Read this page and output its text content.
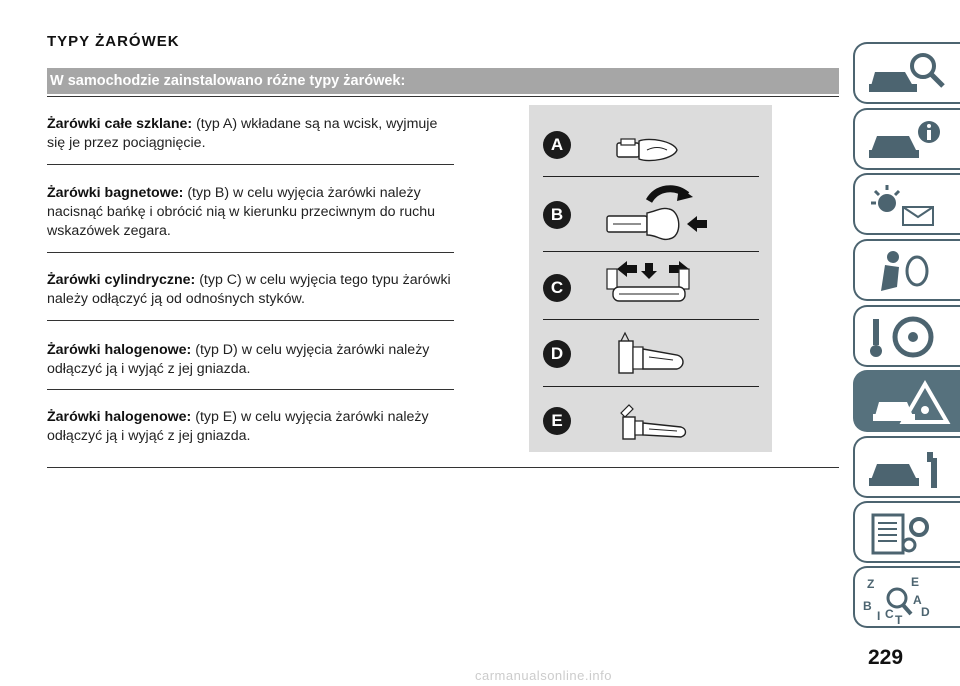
TYPY ŻARÓWEK
W samochodzie zainstalowano różne typy żarówek:
Żarówki całe szklane: (typ A) wkładane są na wcisk, wyjmuje
się je przez pociągnięcie.
Żarówki bagnetowe: (typ B) w celu wyjęcia żarówki należy
nacisnąć bańkę i obrócić nią w kierunku przeciwnym do ruchu
wskazówek zegara.
Żarówki cylindryczne: (typ C) w celu wyjęcia tego typu żarówki
należy odłączyć ją od odnośnych styków.
Żarówki halogenowe: (typ D) w celu wyjęcia żarówki należy
odłączyć ją i wyjąć z jej gniazda.
Żarówki halogenowe: (typ E) w celu wyjęcia żarówki należy
odłączyć ją i wyjąć z jej gniazda.
A
B
C
D
E
Z	E
B	A
D
I C T
229
carmanualsonline.info
